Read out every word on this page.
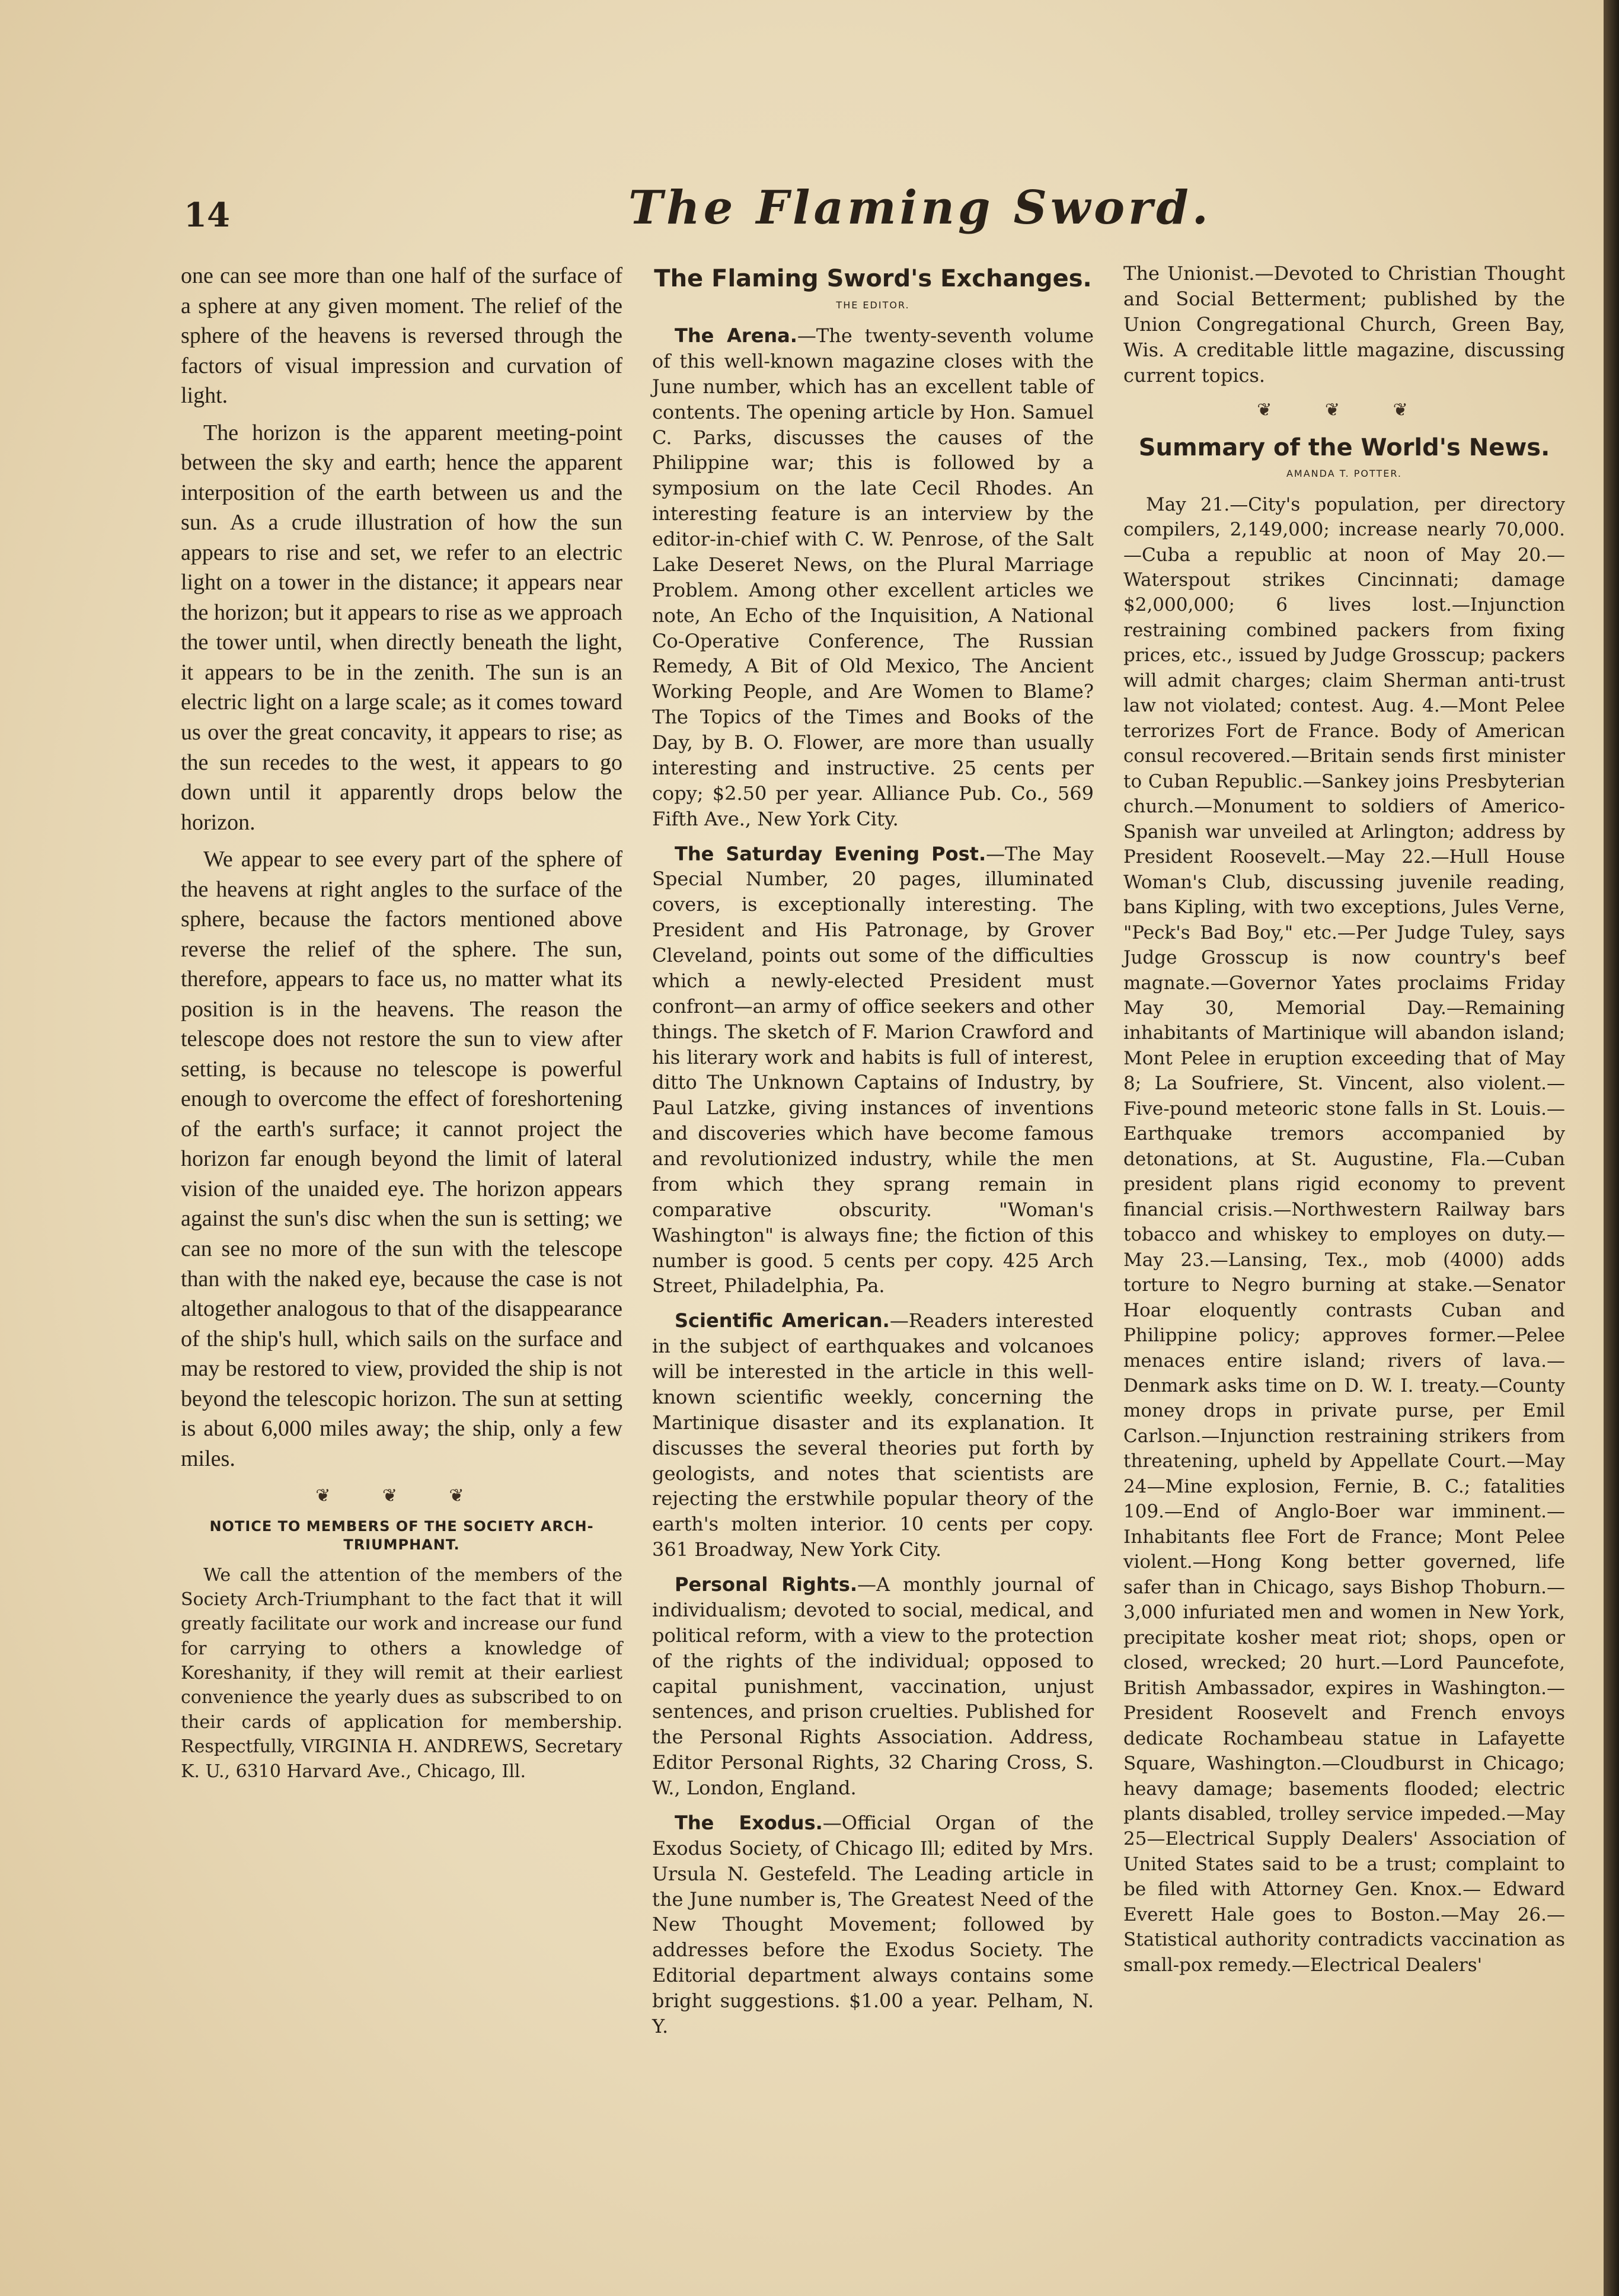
14	The Flaming Sword.

one can see more than one half of the surface of a sphere at any given moment. The relief of the sphere of the heavens is reversed through the factors of visual impression and curvation of light.

The horizon is the apparent meeting-point between the sky and earth; hence the apparent interposition of the earth between us and the sun. As a crude illustration of how the sun appears to rise and set, we refer to an electric light on a tower in the distance; it appears near the horizon; but it appears to rise as we approach the tower until, when directly beneath the light, it appears to be in the zenith. The sun is an electric light on a large scale; as it comes toward us over the great concavity, it appears to rise; as the sun recedes to the west, it appears to go down until it apparently drops below the horizon.

We appear to see every part of the sphere of the heavens at right angles to the surface of the sphere, because the factors mentioned above reverse the relief of the sphere. The sun, therefore, appears to face us, no matter what its position is in the heavens. The reason the telescope does not restore the sun to view after setting, is because no telescope is powerful enough to overcome the effect of foreshortening of the earth's surface; it cannot project the horizon far enough beyond the limit of lateral vision of the unaided eye. The horizon appears against the sun's disc when the sun is setting; we can see no more of the sun with the telescope than with the naked eye, because the case is not altogether analogous to that of the disappearance of the ship's hull, which sails on the surface and may be restored to view, provided the ship is not beyond the telescopic horizon. The sun at setting is about 6,000 miles away; the ship, only a few miles.

❦ ❦ ❦
NOTICE TO MEMBERS OF THE SOCIETY ARCH-TRIUMPHANT.

We call the attention of the members of the Society Arch-Triumphant to the fact that it will greatly facilitate our work and increase our fund for carrying to others a knowledge of Koreshanity, if they will remit at their earliest convenience the yearly dues as subscribed to on their cards of application for membership. Respectfully, VIRGINIA H. ANDREWS, Secretary K. U., 6310 Harvard Ave., Chicago, Ill.

The Flaming Sword's Exchanges.
THE EDITOR.

The Arena.—The twenty-seventh volume of this well-known magazine closes with the June number, which has an excellent table of contents. The opening article by Hon. Samuel C. Parks, discusses the causes of the Philippine war; this is followed by a symposium on the late Cecil Rhodes. An interesting feature is an interview by the editor-in-chief with C. W. Penrose, of the Salt Lake Deseret News, on the Plural Marriage Problem. Among other excellent articles we note, An Echo of the Inquisition, A National Co-Operative Conference, The Russian Remedy, A Bit of Old Mexico, The Ancient Working People, and Are Women to Blame? The Topics of the Times and Books of the Day, by B. O. Flower, are more than usually interesting and instructive. 25 cents per copy; $2.50 per year. Alliance Pub. Co., 569 Fifth Ave., New York City.

The Saturday Evening Post.—The May Special Number, 20 pages, illuminated covers, is exceptionally interesting. The President and His Patronage, by Grover Cleveland, points out some of the difficulties which a newly-elected President must confront—an army of office seekers and other things. The sketch of F. Marion Crawford and his literary work and habits is full of interest, ditto The Unknown Captains of Industry, by Paul Latzke, giving instances of inventions and discoveries which have become famous and revolutionized industry, while the men from which they sprang remain in comparative obscurity. "Woman's Washington" is always fine; the fiction of this number is good. 5 cents per copy. 425 Arch Street, Philadelphia, Pa.

Scientific American.—Readers interested in the subject of earthquakes and volcanoes will be interested in the article in this well-known scientific weekly, concerning the Martinique disaster and its explanation. It discusses the several theories put forth by geologists, and notes that scientists are rejecting the erstwhile popular theory of the earth's molten interior. 10 cents per copy. 361 Broadway, New York City.

Personal Rights.—A monthly journal of individualism; devoted to social, medical, and political reform, with a view to the protection of the rights of the individual; opposed to capital punishment, vaccination, unjust sentences, and prison cruelties. Published for the Personal Rights Association. Address, Editor Personal Rights, 32 Charing Cross, S. W., London, England.

The Exodus.—Official Organ of the Exodus Society, of Chicago Ill; edited by Mrs. Ursula N. Gestefeld. The Leading article in the June number is, The Greatest Need of the New Thought Movement; followed by addresses before the Exodus Society. The Editorial department always contains some bright suggestions. $1.00 a year. Pelham, N. Y.

The Unionist.—Devoted to Christian Thought and Social Betterment; published by the Union Congregational Church, Green Bay, Wis. A creditable little magazine, discussing current topics.

❦ ❦ ❦
Summary of the World's News.
AMANDA T. POTTER.

May 21.—City's population, per directory compilers, 2,149,000; increase nearly 70,000.—Cuba a republic at noon of May 20.—Waterspout strikes Cincinnati; damage $2,000,000; 6 lives lost.—Injunction restraining combined packers from fixing prices, etc., issued by Judge Grosscup; packers will admit charges; claim Sherman anti-trust law not violated; contest. Aug. 4.—Mont Pelee terrorizes Fort de France. Body of American consul recovered.—Britain sends first minister to Cuban Republic.—Sankey joins Presbyterian church.—Monument to soldiers of Americo-Spanish war unveiled at Arlington; address by President Roosevelt.—May 22.—Hull House Woman's Club, discussing juvenile reading, bans Kipling, with two exceptions, Jules Verne, "Peck's Bad Boy," etc.—Per Judge Tuley, says Judge Grosscup is now country's beef magnate.—Governor Yates proclaims Friday May 30, Memorial Day.—Remaining inhabitants of Martinique will abandon island; Mont Pelee in eruption exceeding that of May 8; La Soufriere, St. Vincent, also violent.—Five-pound meteoric stone falls in St. Louis.—Earthquake tremors accompanied by detonations, at St. Augustine, Fla.—Cuban president plans rigid economy to prevent financial crisis.—Northwestern Railway bars tobacco and whiskey to employes on duty.—May 23.—Lansing, Tex., mob (4000) adds torture to Negro burning at stake.—Senator Hoar eloquently contrasts Cuban and Philippine policy; approves former.—Pelee menaces entire island; rivers of lava.—Denmark asks time on D. W. I. treaty.—County money drops in private purse, per Emil Carlson.—Injunction restraining strikers from threatening, upheld by Appellate Court.—May 24—Mine explosion, Fernie, B. C.; fatalities 109.—End of Anglo-Boer war imminent.—Inhabitants flee Fort de France; Mont Pelee violent.—Hong Kong better governed, life safer than in Chicago, says Bishop Thoburn.—3,000 infuriated men and women in New York, precipitate kosher meat riot; shops, open or closed, wrecked; 20 hurt.—Lord Pauncefote, British Ambassador, expires in Washington.—President Roosevelt and French envoys dedicate Rochambeau statue in Lafayette Square, Washington.—Cloudburst in Chicago; heavy damage; basements flooded; electric plants disabled, trolley service impeded.—May 25—Electrical Supply Dealers' Association of United States said to be a trust; complaint to be filed with Attorney Gen. Knox.— Edward Everett Hale goes to Boston.—May 26.—Statistical authority contradicts vaccination as small-pox remedy.—Electrical Dealers'
